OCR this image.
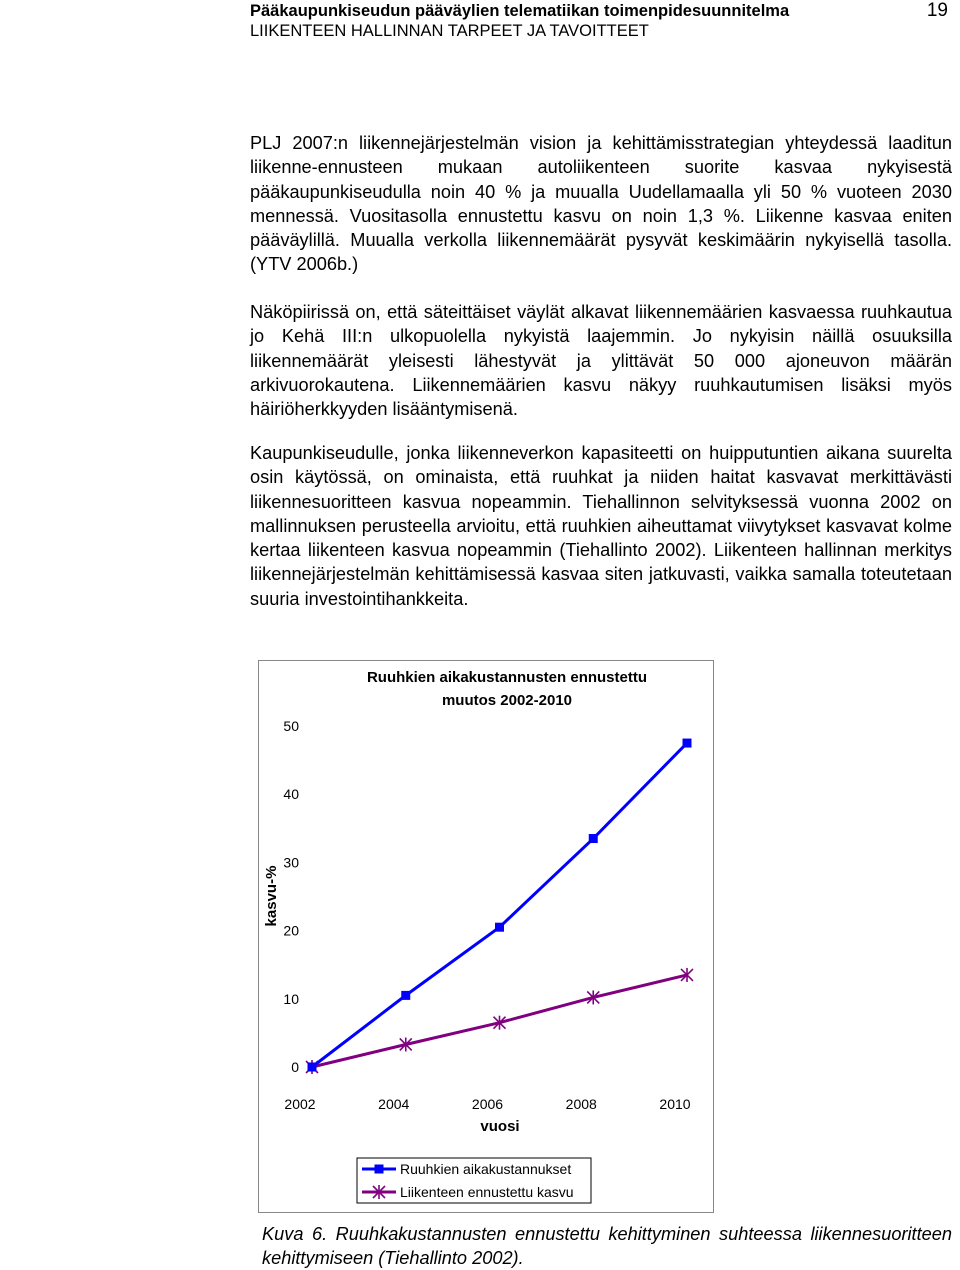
Pääkaupunkiseudun pääväylien telematiikan toimenpidesuunnitelma
LIIKENTEEN HALLINNAN TARPEET JA TAVOITTEET
19

PLJ 2007:n liikennejärjestelmän vision ja kehittämisstrategian yhteydessä laaditun liikenne-ennusteen mukaan autoliikenteen suorite kasvaa nykyisestä pääkaupunkiseudulla noin 40 % ja muualla Uudellamaalla yli 50 % vuoteen 2030 mennessä. Vuositasolla ennustettu kasvu on noin 1,3 %. Liikenne kasvaa eniten pääväylillä. Muualla verkolla liikennemäärät pysyvät keskimäärin nykyisellä tasolla. (YTV 2006b.)

Näköpiirissä on, että säteittäiset väylät alkavat liikennemäärien kasvaessa ruuhkautua jo Kehä III:n ulkopuolella nykyistä laajemmin. Jo nykyisin näillä osuuksilla liikennemäärät yleisesti lähestyvät ja ylittävät 50 000 ajoneuvon määrän arkivuorokautena. Liikennemäärien kasvu näkyy ruuhkautumisen lisäksi myös häiriöherkkyyden lisääntymisenä.

Kaupunkiseudulle, jonka liikenneverkon kapasiteetti on huipputuntien aikana suurelta osin käytössä, on ominaista, että ruuhkat ja niiden haitat kasvavat merkittävästi liikennesuoritteen kasvua nopeammin. Tiehallinnon selvityksessä vuonna 2002 on mallinnuksen perusteella arvioitu, että ruuhkien aiheuttamat viivytykset kasvavat kolme kertaa liikenteen kasvua nopeammin (Tiehallinto 2002). Liikenteen hallinnan merkitys liikennejärjestelmän kehittämisessä kasvaa siten jatkuvasti, vaikka samalla toteutetaan suuria investointihankkeita.

Ruuhkien aikakustannusten ennustettu
muutos 2002-2010
kasvu-%
vuosi
0
10
20
30
40
50
2002	2004	2006	2008	2010
Ruuhkien aikakustannukset
Liikenteen ennustettu kasvu
Kuva 6. Ruuhkakustannusten ennustettu kehittyminen suhteessa liikennesuoritteen kehittymiseen (Tiehallinto 2002).
